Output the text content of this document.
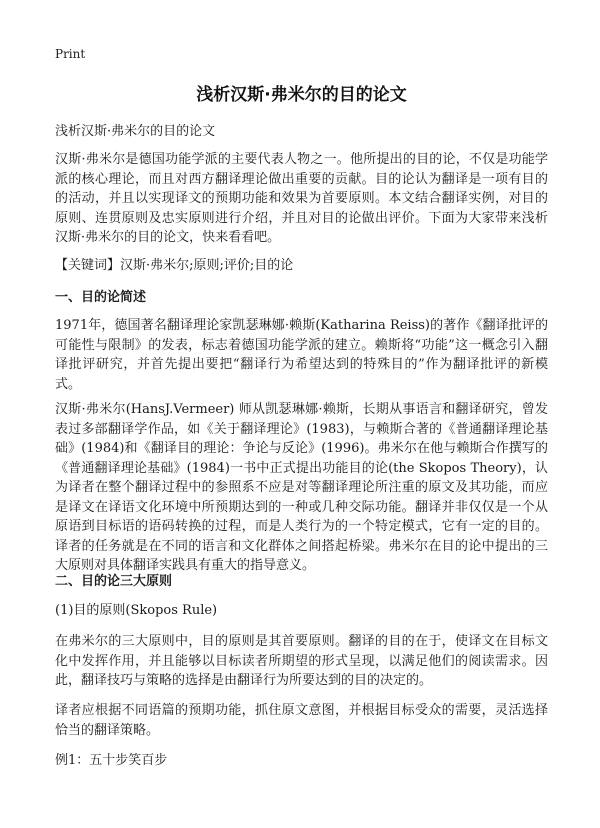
Print
浅析汉斯·弗米尔的目的论文
浅析汉斯·弗米尔的目的论文

汉斯·弗米尔是德国功能学派的主要代表人物之一。他所提出的目的论，不仅是功能学派的核心理论，而且对西方翻译理论做出重要的贡献。目的论认为翻译是一项有目的的活动，并且以实现译文的预期功能和效果为首要原则。本文结合翻译实例，对目的原则、连贯原则及忠实原则进行介绍，并且对目的论做出评价。下面为大家带来浅析汉斯·弗米尔的目的论文，快来看看吧。

【关键词】汉斯·弗米尔;原则;评价;目的论

一、目的论简述

1971年，德国著名翻译理论家凯瑟琳娜·赖斯(Katharina Reiss)的著作《翻译批评的可能性与限制》的发表，标志着德国功能学派的建立。赖斯将“功能”这一概念引入翻译批评研究，并首先提出要把“翻译行为希望达到的特殊目的”作为翻译批评的新模式。

汉斯·弗米尔(HansJ.Vermeer) 师从凯瑟琳娜·赖斯，长期从事语言和翻译研究，曾发表过多部翻译学作品，如《关于翻译理论》(1983)，与赖斯合著的《普通翻译理论基础》(1984)和《翻译目的理论：争论与反论》(1996)。弗米尔在他与赖斯合作撰写的《普通翻译理论基础》(1984)一书中正式提出功能目的论(the Skopos Theory)，认为译者在整个翻译过程中的参照系不应是对等翻译理论所注重的原文及其功能，而应是译文在译语文化环境中所预期达到的一种或几种交际功能。翻译并非仅仅是一个从原语到目标语的语码转换的过程，而是人类行为的一个特定模式，它有一定的目的。译者的任务就是在不同的语言和文化群体之间搭起桥梁。弗米尔在目的论中提出的三大原则对具体翻译实践具有重大的指导意义。

二、目的论三大原则

(1)目的原则(Skopos Rule)

在弗米尔的三大原则中，目的原则是其首要原则。翻译的目的在于，使译文在目标文化中发挥作用，并且能够以目标读者所期望的形式呈现，以满足他们的阅读需求。因此，翻译技巧与策略的选择是由翻译行为所要达到的目的决定的。

译者应根据不同语篇的预期功能，抓住原文意图，并根据目标受众的需要，灵活选择恰当的翻译策略。

例1：五十步笑百步
